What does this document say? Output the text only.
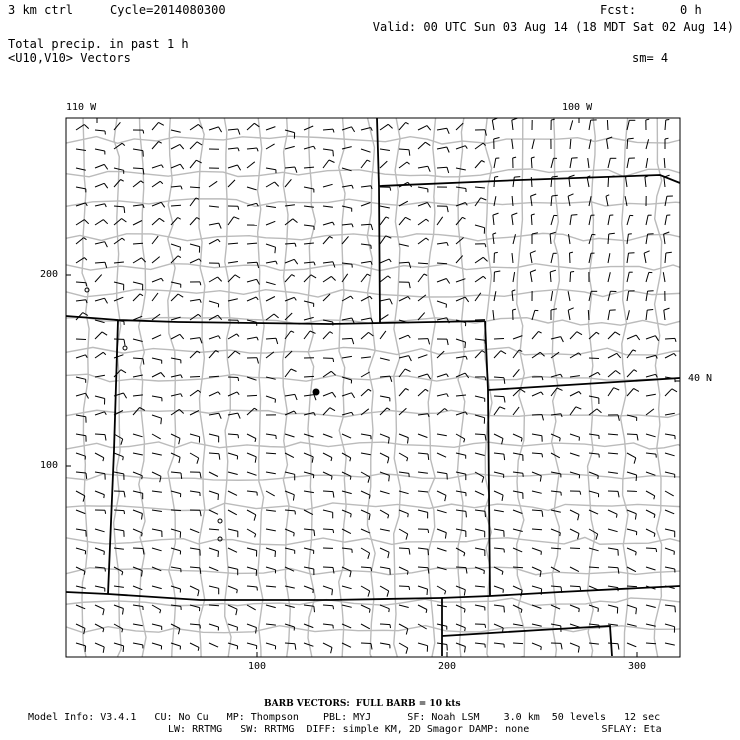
3 km ctrl	Cycle=2014080300	Fcst:	0 h
Valid: 00 UTC Sun 03 Aug 14 (18 MDT Sat 02 Aug 14)
Total precip. in past 1 h
<U10,V10> Vectors	sm= 4
110 W	100 W
40 N
100	200	300
200
100
BARB VECTORS:  FULL BARB = 10 kts
Model Info: V3.4.1   CU: No Cu   MP: Thompson    PBL: MYJ      SF: Noah LSM    3.0 km  50 levels   12 sec
LW: RRTMG   SW: RRTMG  DIFF: simple KM, 2D Smagor DAMP: none            SFLAY: Eta
